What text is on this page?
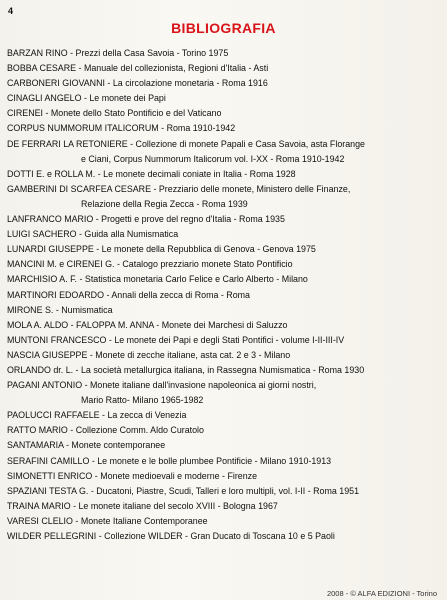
4
BIBLIOGRAFIA
BARZAN RINO - Prezzi della Casa Savoia - Torino 1975
BOBBA CESARE - Manuale del collezionista, Regioni d'Italia - Asti
CARBONERI GIOVANNI - La circolazione monetaria - Roma 1916
CINAGLI ANGELO - Le monete dei Papi
CIRENEI - Monete dello Stato Pontificio e del Vaticano
CORPUS NUMMORUM ITALICORUM - Roma 1910-1942
DE FERRARI LA RETONIERE - Collezione di monete Papali e Casa Savoia, asta Florange
e Ciani, Corpus Nummorum Italicorum vol. I-XX - Roma 1910-1942
DOTTI E. e ROLLA M. - Le monete decimali coniate in Italia - Roma 1928
GAMBERINI DI SCARFEA CESARE - Prezziario delle monete, Ministero delle Finanze,
Relazione della Regia Zecca - Roma 1939
LANFRANCO MARIO - Progetti e prove del regno d'Italia - Roma 1935
LUIGI SACHERO - Guida alla Numismatica
LUNARDI GIUSEPPE - Le monete della Repubblica di Genova - Genova 1975
MANCINI M. e CIRENEI G. - Catalogo prezziario monete Stato Pontificio
MARCHISIO A. F. - Statistica monetaria Carlo Felice e Carlo Alberto - Milano
MARTINORI EDOARDO - Annali della zecca di Roma - Roma
MIRONE S. - Numismatica
MOLA A. ALDO - FALOPPA M. ANNA - Monete dei Marchesi di Saluzzo
MUNTONI FRANCESCO - Le monete dei Papi e degli Stati Pontifici - volume I-II-III-IV
NASCIA GIUSEPPE - Monete di zecche italiane, asta cat. 2 e 3 - Milano
ORLANDO dr. L. - La società metallurgica italiana, in Rassegna Numismatica - Roma 1930
PAGANI ANTONIO - Monete italiane dall'invasione napoleonica ai giorni nostri,
Mario Ratto- Milano 1965-1982
PAOLUCCI RAFFAELE - La zecca di Venezia
RATTO MARIO - Collezione Comm. Aldo Curatolo
SANTAMARIA - Monete contemporanee
SERAFINI CAMILLO - Le monete e le bolle plumbee Pontificie - Milano 1910-1913
SIMONETTI ENRICO - Monete medioevali e moderne - Firenze
SPAZIANI TESTA G. - Ducatoni, Piastre, Scudi, Talleri e loro multipli, vol. I-II - Roma 1951
TRAINA MARIO - Le monete italiane del secolo XVIII - Bologna 1967
VARESI CLELIO - Monete Italiane Contemporanee
WILDER PELLEGRINI - Collezione WILDER - Gran Ducato di Toscana 10 e 5 Paoli
2008 - © ALFA EDIZIONI - Torino
